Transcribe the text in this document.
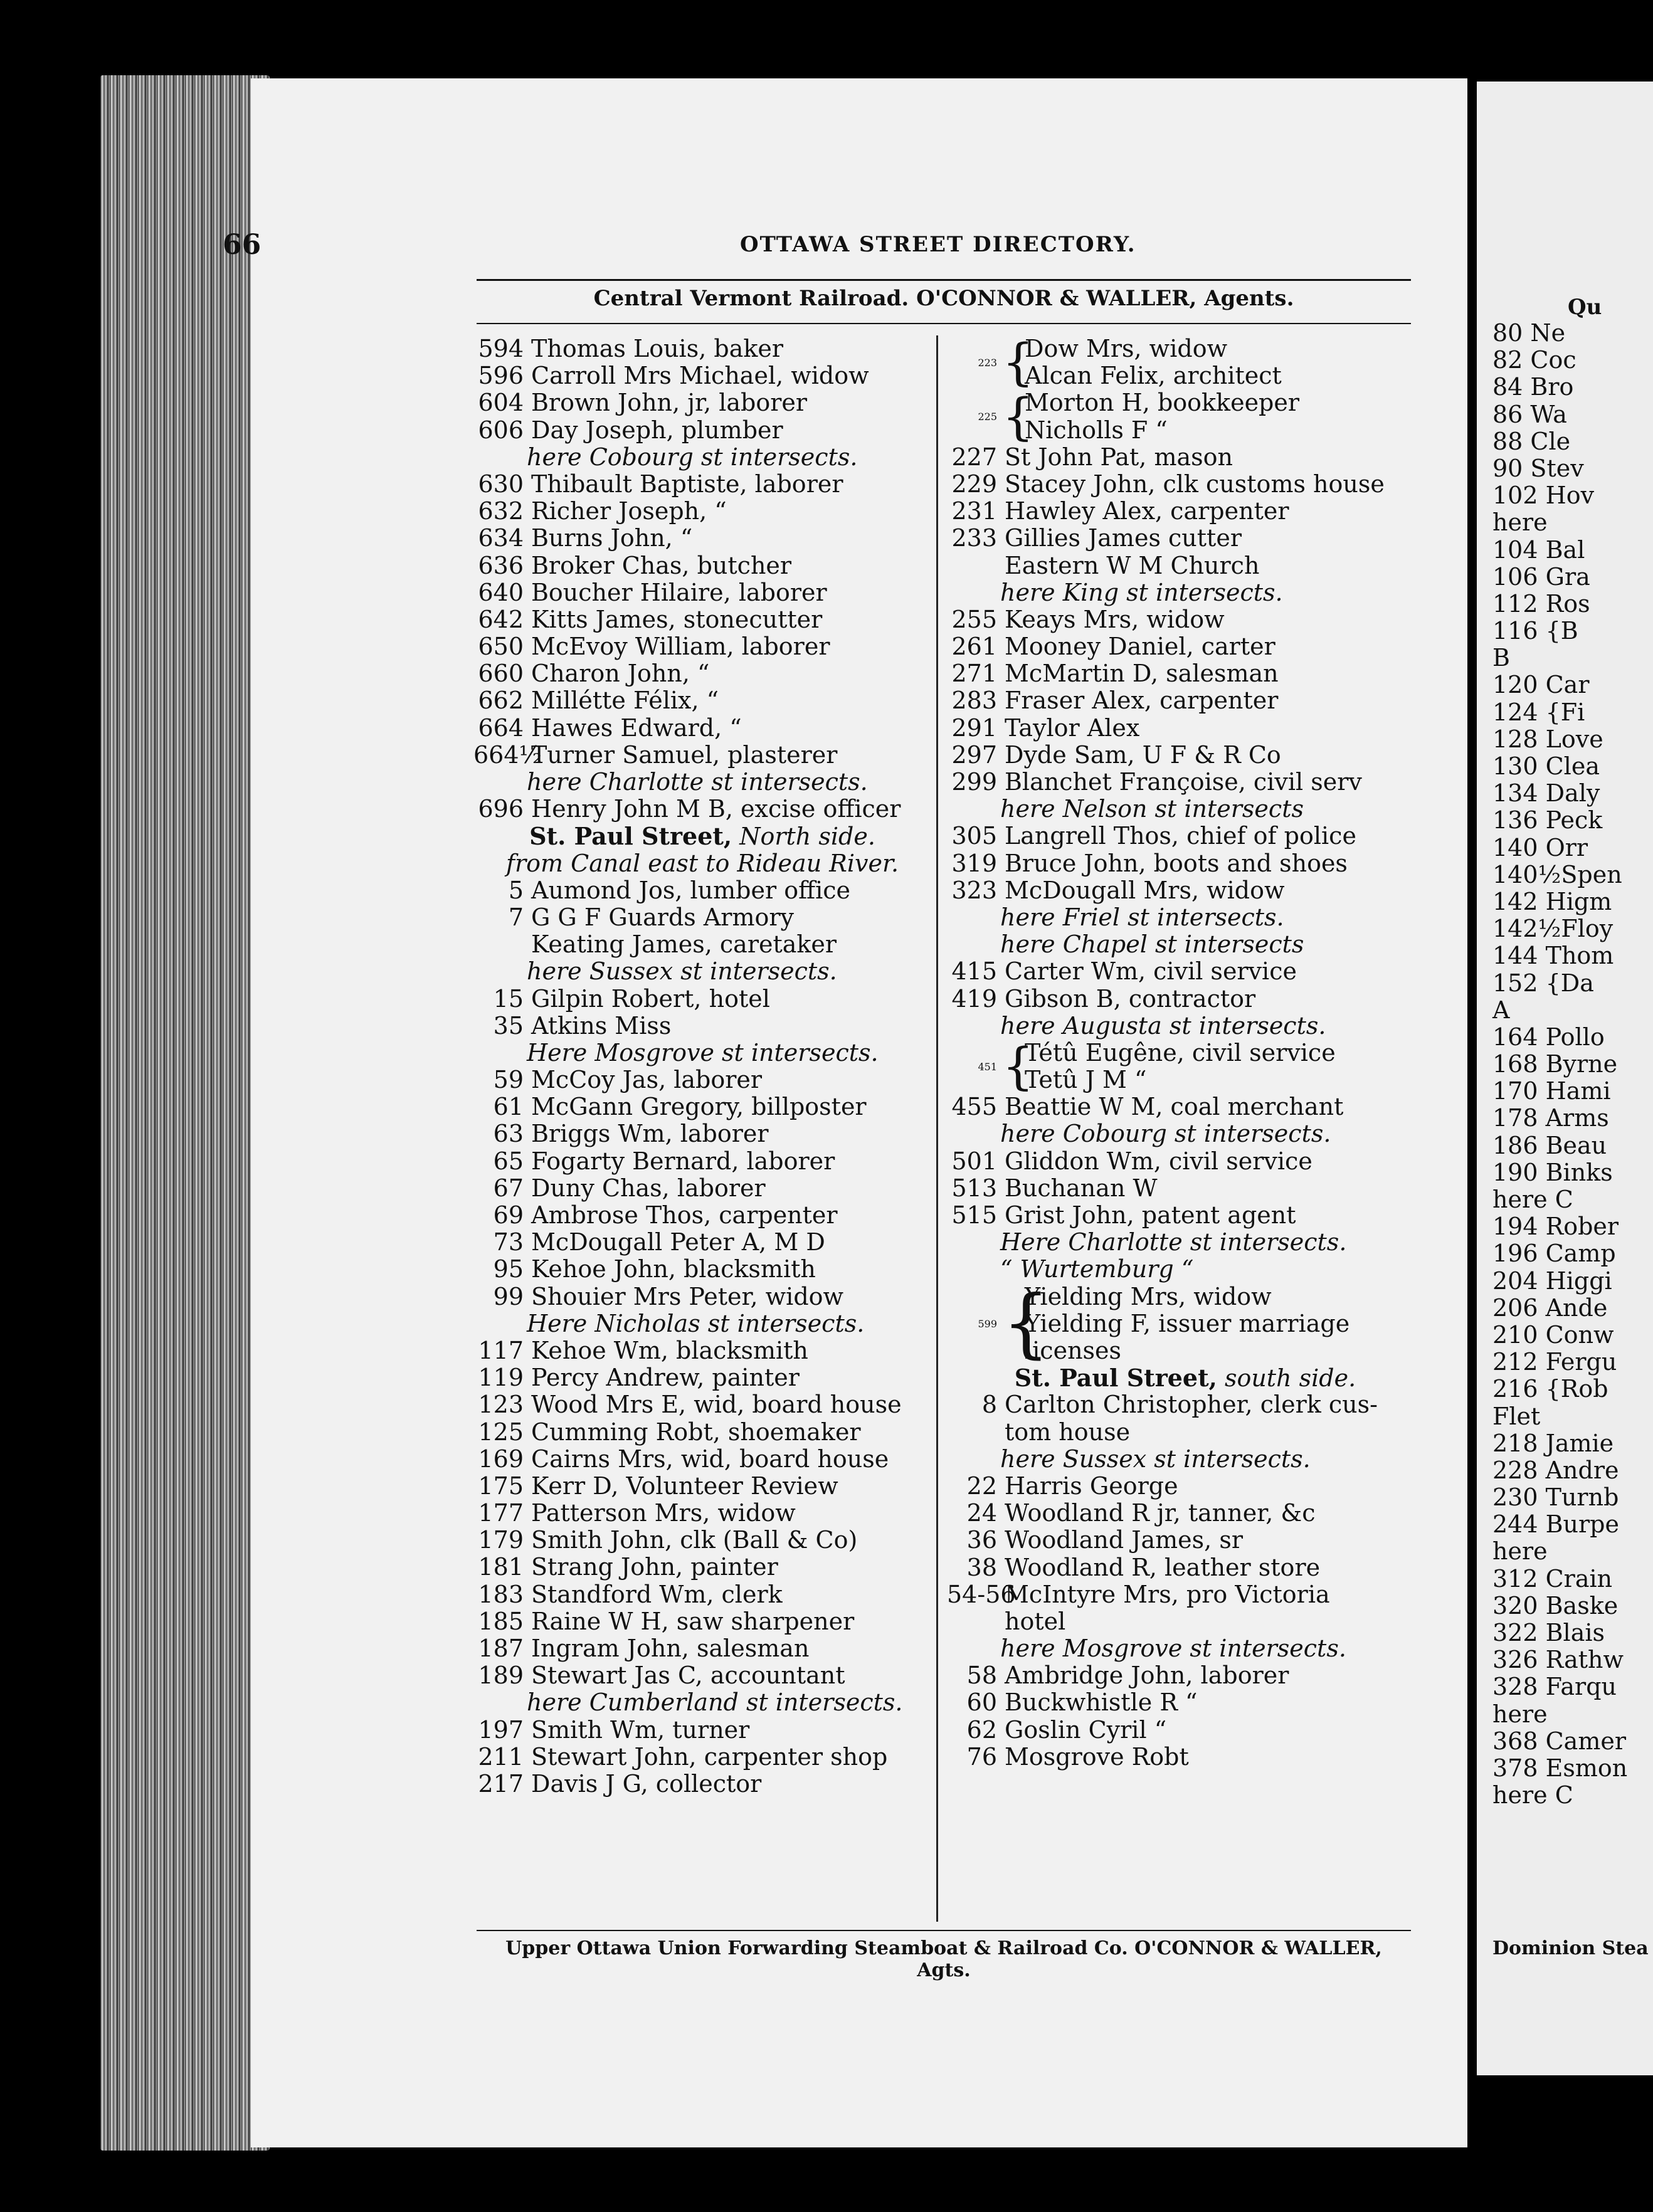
66	OTTAWA STREET DIRECTORY.
Central Vermont Railroad. O'CONNOR & WALLER, Agents.
594 Thomas Louis, baker
596 Carroll Mrs Michael, widow
604 Brown John, jr, laborer
606 Day Joseph, plumber
here Cobourg st intersects.
630 Thibault Baptiste, laborer
632 Richer Joseph, “
634 Burns John, “
636 Broker Chas, butcher
640 Boucher Hilaire, laborer
642 Kitts James, stonecutter
650 McEvoy William, laborer
660 Charon John, “
662 Millétte Félix, “
664 Hawes Edward, “
664½Turner Samuel, plasterer
here Charlotte st intersects.
696 Henry John M B, excise officer
St. Paul Street, North side.
from Canal east to Rideau River.
5 Aumond Jos, lumber office
7 G G F Guards Armory
Keating James, caretaker
here Sussex st intersects.
15 Gilpin Robert, hotel
35 Atkins Miss
Here Mosgrove st intersects.
59 McCoy Jas, laborer
61 McGann Gregory, billposter
63 Briggs Wm, laborer
65 Fogarty Bernard, laborer
67 Duny Chas, laborer
69 Ambrose Thos, carpenter
73 McDougall Peter A, M D
95 Kehoe John, blacksmith
99 Shouier Mrs Peter, widow
Here Nicholas st intersects.
117 Kehoe Wm, blacksmith
119 Percy Andrew, painter
123 Wood Mrs E, wid, board house
125 Cumming Robt, shoemaker
169 Cairns Mrs, wid, board house
175 Kerr D, Volunteer Review
177 Patterson Mrs, widow
179 Smith John, clk (Ball & Co)
181 Strang John, painter
183 Standford Wm, clerk
185 Raine W H, saw sharpener
187 Ingram John, salesman
189 Stewart Jas C, accountant
here Cumberland st intersects.
197 Smith Wm, turner
211 Stewart John, carpenter shop
217 Davis J G, collector
223 {
Dow Mrs, widow
Alcan Felix, architect
225 {
Morton H, bookkeeper
Nicholls F “
227 St John Pat, mason
229 Stacey John, clk customs house
231 Hawley Alex, carpenter
233 Gillies James cutter
Eastern W M Church
here King st intersects.
255 Keays Mrs, widow
261 Mooney Daniel, carter
271 McMartin D, salesman
283 Fraser Alex, carpenter
291 Taylor Alex
297 Dyde Sam, U F & R Co
299 Blanchet Françoise, civil serv
here Nelson st intersects
305 Langrell Thos, chief of police
319 Bruce John, boots and shoes
323 McDougall Mrs, widow
here Friel st intersects.
here Chapel st intersects
415 Carter Wm, civil service
419 Gibson B, contractor
here Augusta st intersects.
451 {
Tétû Eugêne, civil service
Tetû J M “
455 Beattie W M, coal merchant
here Cobourg st intersects.
501 Gliddon Wm, civil service
513 Buchanan W
515 Grist John, patent agent
Here Charlotte st intersects.
“ Wurtemburg “
599 {
Yielding Mrs, widow
Yielding F, issuer marriage
licenses
St. Paul Street, south side.
8 Carlton Christopher, clerk cus-
tom house
here Sussex st intersects.
22 Harris George
24 Woodland R jr, tanner, &c
36 Woodland James, sr
38 Woodland R, leather store
54-56McIntyre Mrs, pro Victoria
hotel
here Mosgrove st intersects.
58 Ambridge John, laborer
60 Buckwhistle R “
62 Goslin Cyril “
76 Mosgrove Robt
Upper Ottawa Union Forwarding Steamboat & Railroad Co. O'CONNOR & WALLER, Agts.
80 Ne
82 Coc
84 Bro
86 Wa
88 Cle
90 Stev
102 Hov
here
104 Bal
106 Gra
112 Ros
116 {B
B
120 Car
124 {Fi
128 Love
130 Clea
134 Daly
136 Peck
140 Orr
140½Spen
142 Higm
142½Floy
144 Thom
152 {Da
A
164 Pollo
168 Byrne
170 Hami
178 Arms
186 Beau
190 Binks
here C
194 Rober
196 Camp
204 Higgi
206 Ande
210 Conw
212 Fergu
216 {Rob
Flet
218 Jamie
228 Andre
230 Turnb
244 Burpe
here
312 Crain
320 Baske
322 Blais
326 Rathw
328 Farqu
here
368 Camer
378 Esmon
here C
Qu
Dominion Stea
